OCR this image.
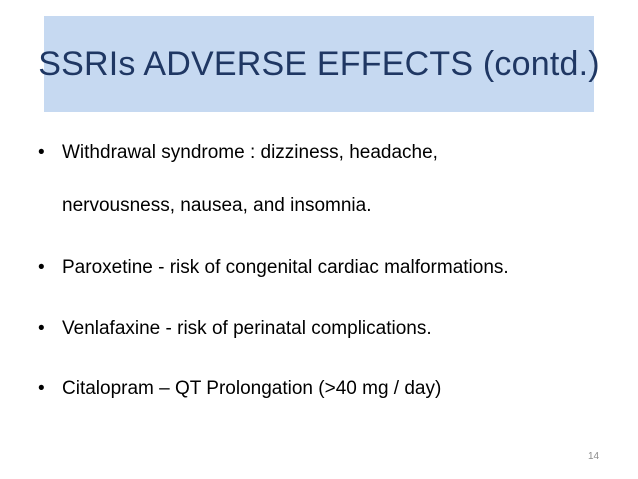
SSRIs ADVERSE EFFECTS (contd.)
• Withdrawal syndrome : dizziness, headache,
nervousness, nausea, and insomnia.
• Paroxetine - risk of congenital cardiac malformations.
• Venlafaxine - risk of perinatal complications.
• Citalopram – QT Prolongation (>40 mg / day)
14
